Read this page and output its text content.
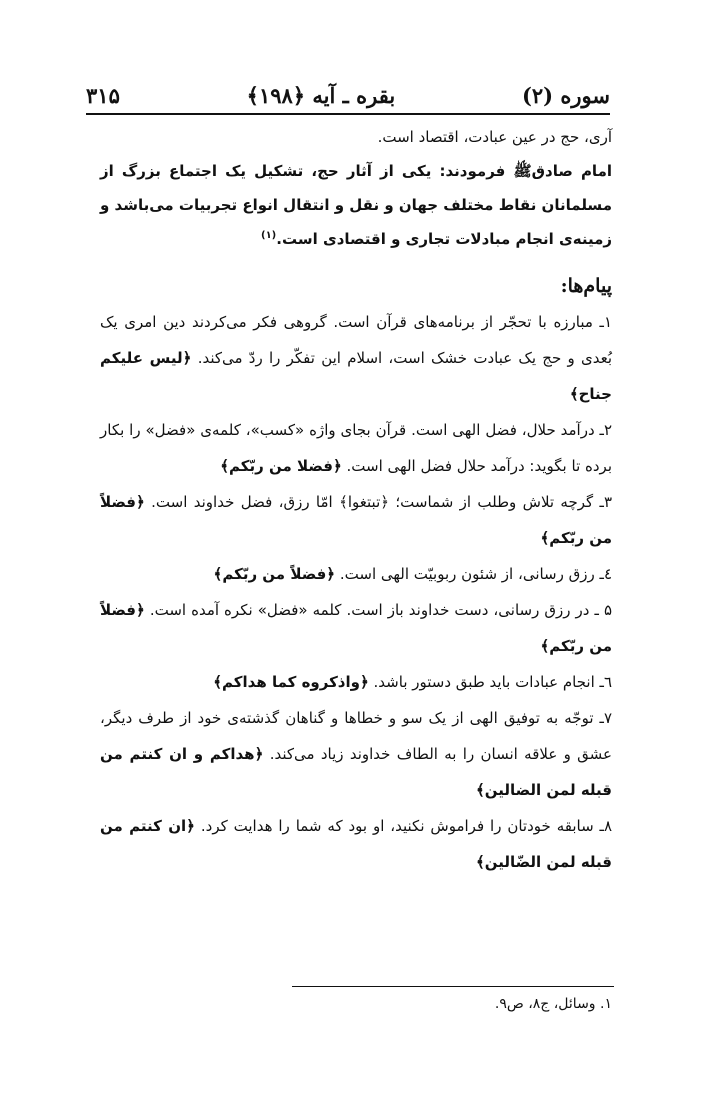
سوره (۲)
بقره ـ آیه ﴿۱۹۸﴾
۳۱۵

آری، حج در عین عبادت، اقتصاد است.

امام صادقﷺ فرمودند: یکی از آثار حج، تشکیل یک اجتماع بزرگ از مسلمانان نقاط مختلف جهان و نقل و انتقال انواع تجربیات می‌باشد و زمینه‌ی انجام مبادلات تجاری و اقتصادی است.$^{(۱)}$

پیام‌ها:

۱ـ مبارزه با تحجّر از برنامه‌های قرآن است. گروهی فکر می‌کردند دین امری یک بُعدی و حج یک عبادت خشک است، اسلام این تفکّر را ردّ می‌کند. ﴿لیس علیکم جناح﴾

۲ـ درآمد حلال، فضل الهی است. قرآن بجای واژه «کسب»، کلمه‌ی «فضل» را بکار برده تا بگوید: درآمد حلال فضل الهی است. ﴿فضلا من ربّکم﴾

۳ـ گرچه تلاش وطلب از شماست؛ ﴿تبتغوا﴾ امّا رزق، فضل خداوند است. ﴿فضلاً من ربّکم﴾

٤ـ رزق رسانی، از شئون ربوبیّت الهی است. ﴿فضلاً من ربّکم﴾

۵ ـ در رزق رسانی، دست خداوند باز است. کلمه «فضل» نکره آمده است. ﴿فضلاً من ربّکم﴾

٦ـ انجام عبادات باید طبق دستور باشد. ﴿واذکروه کما هداکم﴾

۷ـ توجّه به توفیق الهی از یک سو و خطاها و گناهان گذشته‌ی خود از طرف دیگر، عشق و علاقه انسان را به الطاف خداوند زیاد می‌کند. ﴿هداکم و ان کنتم من قبله لمن الضالین﴾

۸ـ سابقه خودتان را فراموش نکنید، او بود که شما را هدایت کرد. ﴿ان کنتم من قبله لمن الضّالین﴾

۱. وسائل، ج۸، ص۹.
